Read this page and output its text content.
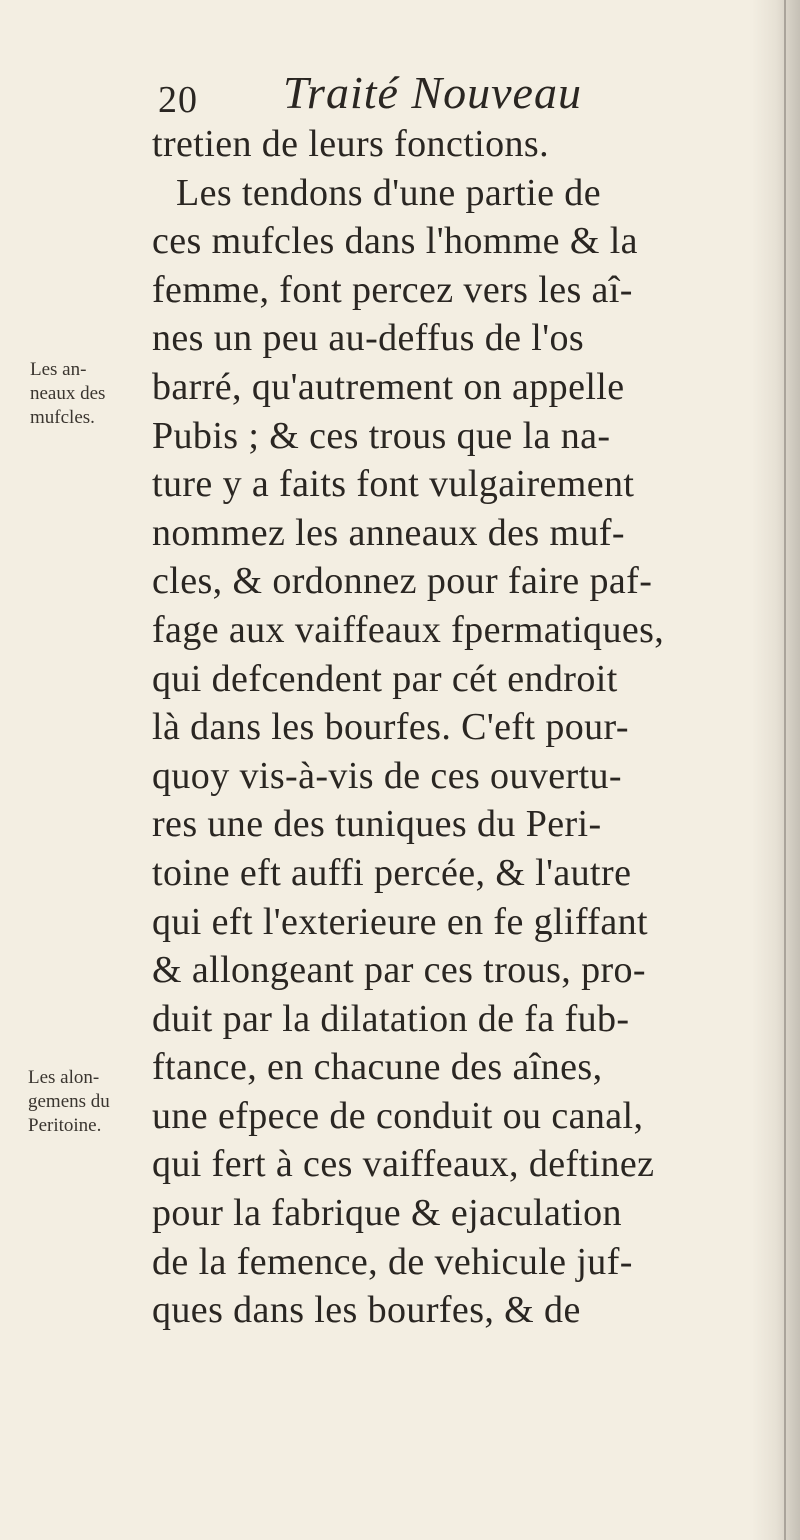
20 Traité Nouveau
Les an-
neaux des
mufcles.
Les alon-
gemens du
Peritoine.
tretien de leurs fonctions.
Les tendons d'une partie de
ces mufcles dans l'homme & la
femme, font percez vers les aî-
nes un peu au-deffus de l'os
barré, qu'autrement on appelle
Pubis ; & ces trous que la na-
ture y a faits font vulgairement
nommez les anneaux des muf-
cles, & ordonnez pour faire paf-
fage aux vaiffeaux fpermatiques,
qui defcendent par cét endroit
là dans les bourfes. C'eft pour-
quoy vis-à-vis de ces ouvertu-
res une des tuniques du Peri-
toine eft auffi percée, & l'autre
qui eft l'exterieure en fe gliffant
& allongeant par ces trous, pro-
duit par la dilatation de fa fub-
ftance, en chacune des aînes,
une efpece de conduit ou canal,
qui fert à ces vaiffeaux, deftinez
pour la fabrique & ejaculation
de la femence, de vehicule juf-
ques dans les bourfes, & de
